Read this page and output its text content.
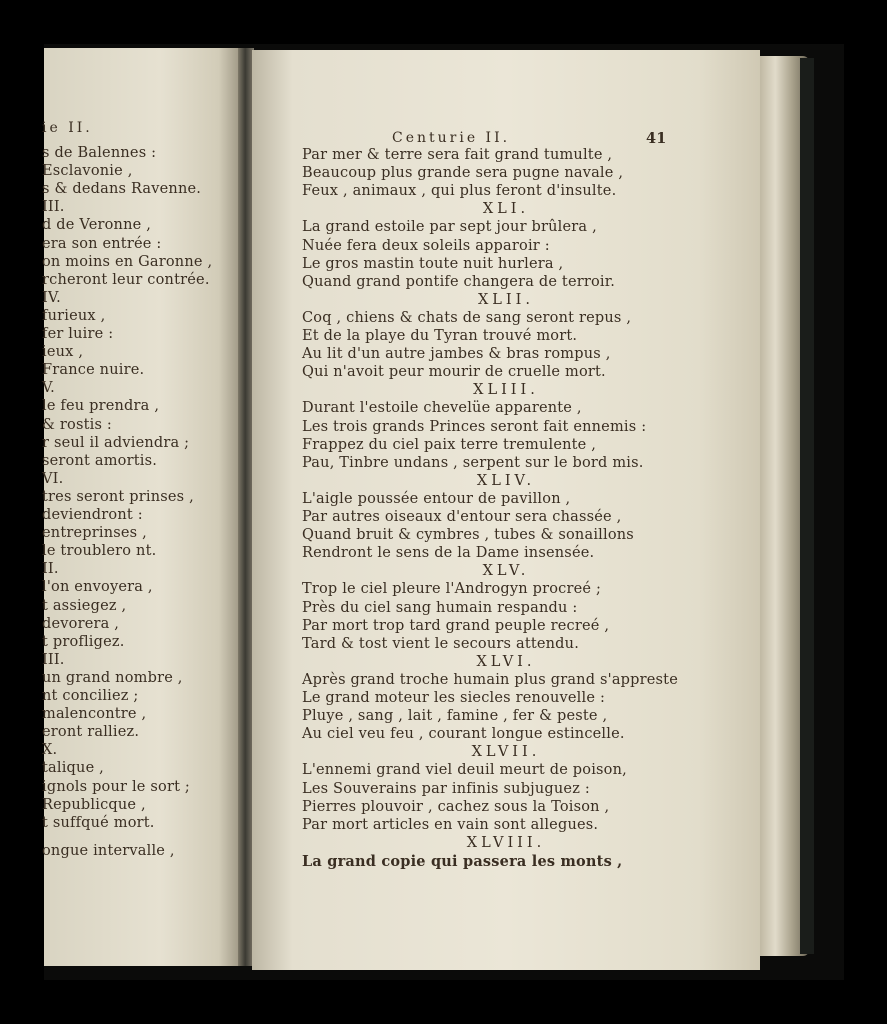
ie II.
s de Balennes :
Esclavonie ,
s & dedans Ravenne.
III.
d de Veronne ,
era son entrée :
on moins en Garonne ,
rcheront leur contrée.
IV.
furieux ,
fer luire :
ieux ,
France nuire.
V.
le feu prendra ,
& rostis :
r seul il adviendra ;
seront amortis.
VI.
tres seront prinses ,
deviendront :
entreprinses ,
le troublero nt.
II.
l'on envoyera ,
t assiegez ,
devorera ,
t profligez.
III.
un grand nombre ,
nt conciliez ;
malencontre ,
eront ralliez.
X.
talique ,
ignols pour le sort ;
Republicque ,
t suffqué mort.
ongue intervalle ,
Centurie II.	41
Par mer & terre sera fait grand tumulte ,
Beaucoup plus grande sera pugne navale ,
Feux , animaux , qui plus feront d'insulte.
XLI.
La grand estoile par sept jour brûlera ,
Nuée fera deux soleils apparoir :
Le gros mastin toute nuit hurlera ,
Quand grand pontife changera de terroir.
XLII.
Coq , chiens & chats de sang seront repus ,
Et de la playe du Tyran trouvé mort.
Au lit d'un autre jambes & bras rompus ,
Qui n'avoit peur mourir de cruelle mort.
XLIII.
Durant l'estoile chevelüe apparente ,
Les trois grands Princes seront fait ennemis :
Frappez du ciel paix terre tremulente ,
Pau, Tinbre undans , serpent sur le bord mis.
XLIV.
L'aigle poussée entour de pavillon ,
Par autres oiseaux d'entour sera chassée ,
Quand bruit & cymbres , tubes & sonaillons
Rendront le sens de la Dame insensée.
XLV.
Trop le ciel pleure l'Androgyn procreé ;
Près du ciel sang humain respandu :
Par mort trop tard grand peuple recreé ,
Tard & tost vient le secours attendu.
XLVI.
Après grand troche humain plus grand s'appreste
Le grand moteur les siecles renouvelle :
Pluye , sang , lait , famine , fer & peste ,
Au ciel veu feu , courant longue estincelle.
XLVII.
L'ennemi grand viel deuil meurt de poison,
Les Souverains par infinis subjuguez :
Pierres plouvoir , cachez sous la Toison ,
Par mort articles en vain sont allegues.
XLVIII.
La grand copie qui passera les monts ,
